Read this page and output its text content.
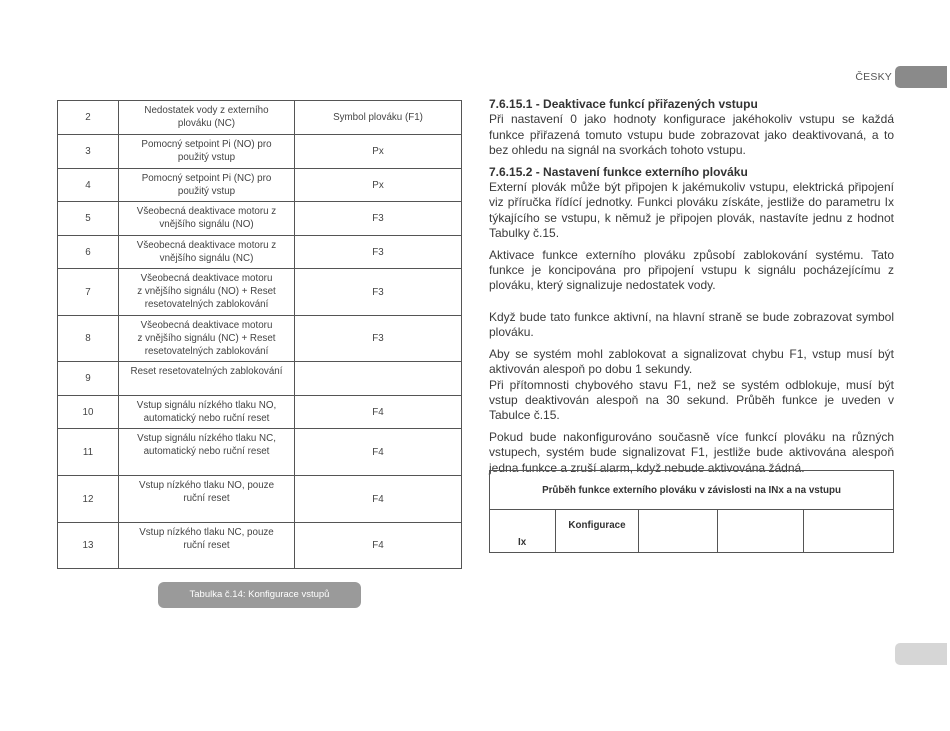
ČESKY
2	Nedostatek vody z externího
plováku (NC)	Symbol plováku (F1)
3	Pomocný setpoint Pi (NO) pro
použitý vstup	Px
4	Pomocný setpoint Pi (NC) pro
použitý vstup	Px
5	Všeobecná deaktivace motoru z
vnějšího signálu (NO)	F3
6	Všeobecná deaktivace motoru z
vnějšího signálu (NC)	F3
7	Všeobecná deaktivace motoru
z vnějšího signálu (NO) + Reset
resetovatelných zablokování	F3
8	Všeobecná deaktivace motoru
z vnějšího signálu (NC) + Reset
resetovatelných zablokování	F3
9	Reset resetovatelných zablokování	

10	Vstup signálu nízkého tlaku NO,
automatický nebo ruční reset	F4
11	Vstup signálu nízkého tlaku NC,
automatický nebo ruční reset	F4
12	Vstup nízkého tlaku NO, pouze
ruční reset	F4
13	Vstup nízkého tlaku NC, pouze
ruční reset	F4
Tabulka č.14: Konfigurace vstupů
7.6.15.1 - Deaktivace funkcí přiřazených vstupu

Při nastavení 0 jako hodnoty konfigurace jakéhokoliv vstupu se každá funkce přiřazená tomuto vstupu bude zobrazovat jako deaktivovaná, a to bez ohledu na signál na svorkách tohoto vstupu.

7.6.15.2 - Nastavení funkce externího plováku

Externí plovák může být připojen k jakémukoliv vstupu, elektrická připojení viz příručka řídící jednotky. Funkci plováku získáte, jestliže do parametru Ix týkajícího se vstupu, k němuž je připojen plovák, nastavíte jednu z hodnot Tabulky č.15.

Aktivace funkce externího plováku způsobí zablokování systému. Tato funkce je koncipována pro připojení vstupu k signálu pocházejícímu z plováku, který signalizuje nedostatek vody.

Když bude tato funkce aktivní, na hlavní straně se bude zobrazovat symbol plováku.

Aby se systém mohl zablokovat a signalizovat chybu F1, vstup musí být aktivován alespoň po dobu 1 sekundy.

Při přítomnosti chybového stavu F1, než se systém odblokuje, musí být vstup deaktivován alespoň na 30 sekund. Průběh funkce je uveden v Tabulce č.15.

Pokud bude nakonfigurováno současně více funkcí plováku na různých vstupech, systém bude signalizovat F1, jestliže bude aktivována alespoň jedna funkce a zruší alarm, když nebude aktivována žádná.

Průběh funkce externího plováku v závislosti na INx a na vstupu
Ix	Konfigurace			
